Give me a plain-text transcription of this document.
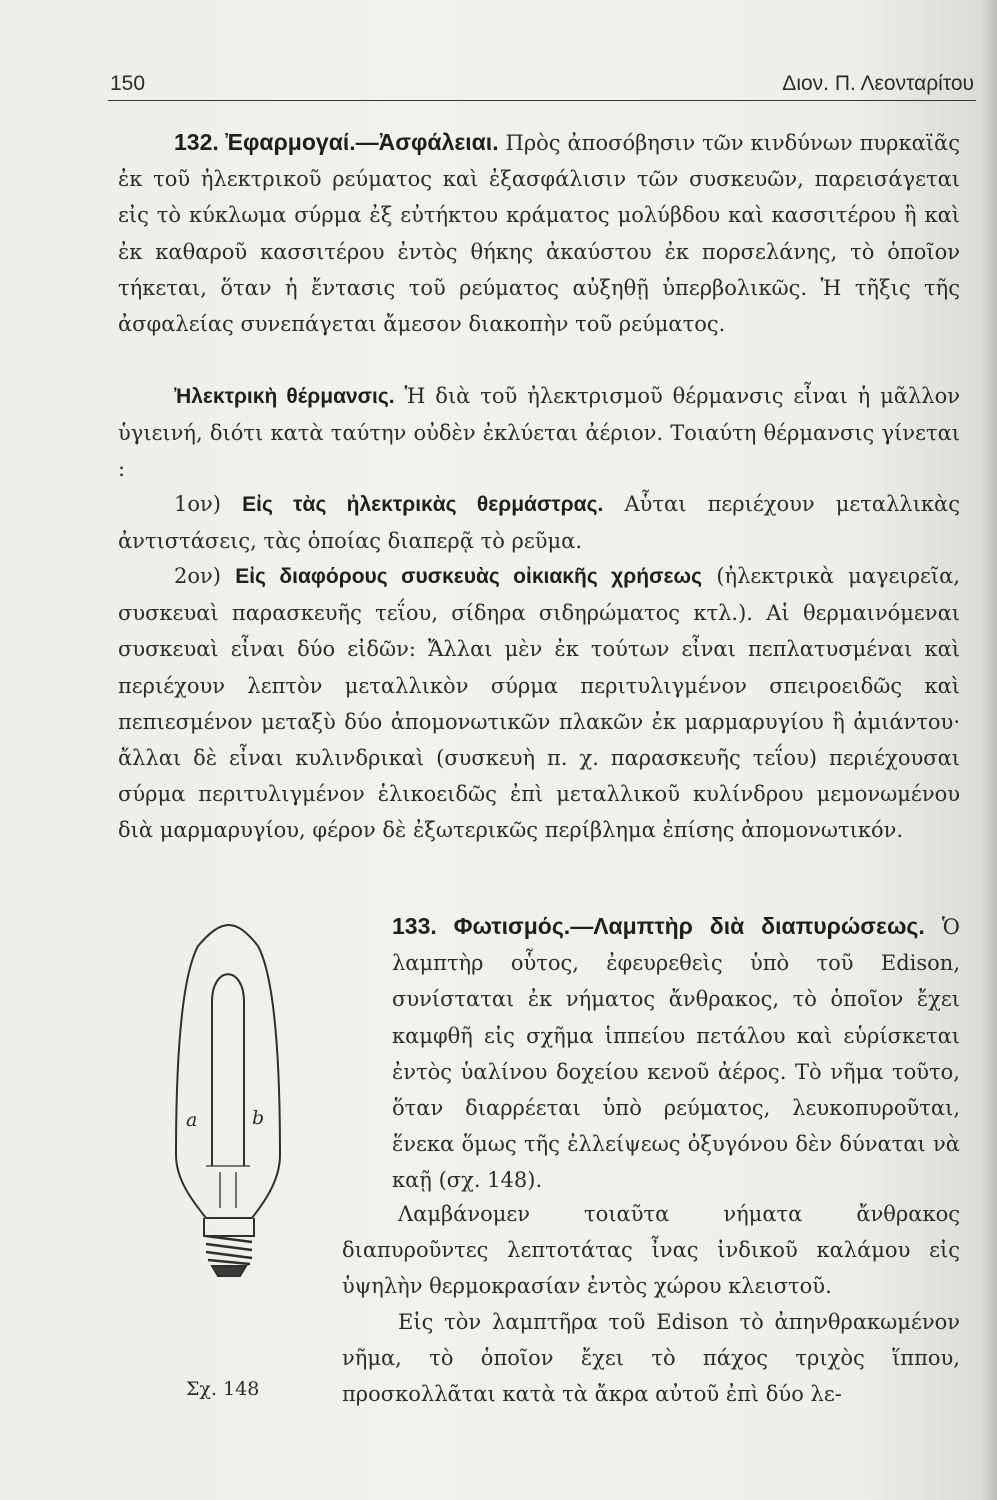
150	Διον. Π. Λεονταρίτου

132. Ἐφαρμογαί.—Ἀσφάλειαι. Πρὸς ἀποσόβησιν τῶν κινδύνων πυρκαϊᾶς ἐκ τοῦ ἠλεκτρικοῦ ρεύματος καὶ ἐξασφάλισιν τῶν συσκευῶν, παρεισάγεται εἰς τὸ κύκλωμα σύρμα ἐξ εὐτήκτου κράματος μολύβδου καὶ κασσιτέρου ἢ καὶ ἐκ καθαροῦ κασσιτέρου ἐντὸς θήκης ἀκαύστου ἐκ πορσελάνης, τὸ ὁποῖον τήκεται, ὅταν ἡ ἔντασις τοῦ ρεύματος αὐξηθῇ ὑπερβολικῶς. Ἡ τῆξις τῆς ἀσφαλείας συνεπάγεται ἄμεσον διακοπὴν τοῦ ρεύματος.

Ἠλεκτρικὴ θέρμανσις. Ἡ διὰ τοῦ ἠλεκτρισμοῦ θέρμανσις εἶναι ἡ μᾶλλον ὑγιεινή, διότι κατὰ ταύτην οὐδὲν ἐκλύεται ἀέριον. Τοιαύτη θέρμανσις γίνεται :

1ον) Εἰς τὰς ἠλεκτρικὰς θερμάστρας. Αὗται περιέχουν μεταλλικὰς ἀντιστάσεις, τὰς ὁποίας διαπερᾷ τὸ ρεῦμα.

2ον) Εἰς διαφόρους συσκευὰς οἰκιακῆς χρήσεως (ἠλεκτρικὰ μαγειρεῖα, συσκευαὶ παρασκευῆς τεΐου, σίδηρα σιδηρώματος κτλ.). Αἱ θερμαινόμεναι συσκευαὶ εἶναι δύο εἰδῶν: Ἄλλαι μὲν ἐκ τούτων εἶναι πεπλατυσμέναι καὶ περιέχουν λεπτὸν μεταλλικὸν σύρμα περιτυλιγμένον σπειροειδῶς καὶ πεπιεσμένον μεταξὺ δύο ἀπομονωτικῶν πλακῶν ἐκ μαρμαρυγίου ἢ ἀμιάντου· ἄλλαι δὲ εἶναι κυλινδρικαὶ (συσκευὴ π. χ. παρασκευῆς τεΐου) περιέχουσαι σύρμα περιτυλιγμένον ἑλικοειδῶς ἐπὶ μεταλλικοῦ κυλίνδρου μεμονωμένου διὰ μαρμαρυγίου, φέρον δὲ ἐξωτερικῶς περίβλημα ἐπίσης ἀπομονωτικόν.

133. Φωτισμός.—Λαμπτὴρ διὰ διαπυρώσεως. Ὁ λαμπτὴρ οὗτος, ἐφευρεθεὶς ὑπὸ τοῦ Edison, συνίσταται ἐκ νήματος ἄνθρακος, τὸ ὁποῖον ἔχει καμφθῆ εἰς σχῆμα ἱππείου πετάλου καὶ εὑρίσκεται ἐντὸς ὑαλίνου δοχείου κενοῦ ἀέρος. Τὸ νῆμα τοῦτο, ὅταν διαρρέεται ὑπὸ ρεύματος, λευκοπυροῦται, ἕνεκα ὅμως τῆς ἐλλείψεως ὀξυγόνου δὲν δύναται νὰ καῇ (σχ. 148).

Λαμβάνομεν τοιαῦτα νήματα ἄνθρακος διαπυροῦντες λεπτοτάτας ἶνας ἰνδικοῦ καλάμου εἰς ὑψηλὴν θερμοκρασίαν ἐντὸς χώρου κλειστοῦ.

Εἰς τὸν λαμπτῆρα τοῦ Edison τὸ ἀπηνθρακωμένον νῆμα, τὸ ὁποῖον ἔχει τὸ πάχος τριχὸς ἵππου, προσκολλᾶται κατὰ τὰ ἄκρα αὐτοῦ ἐπὶ δύο λε-

a	b
Σχ. 148
